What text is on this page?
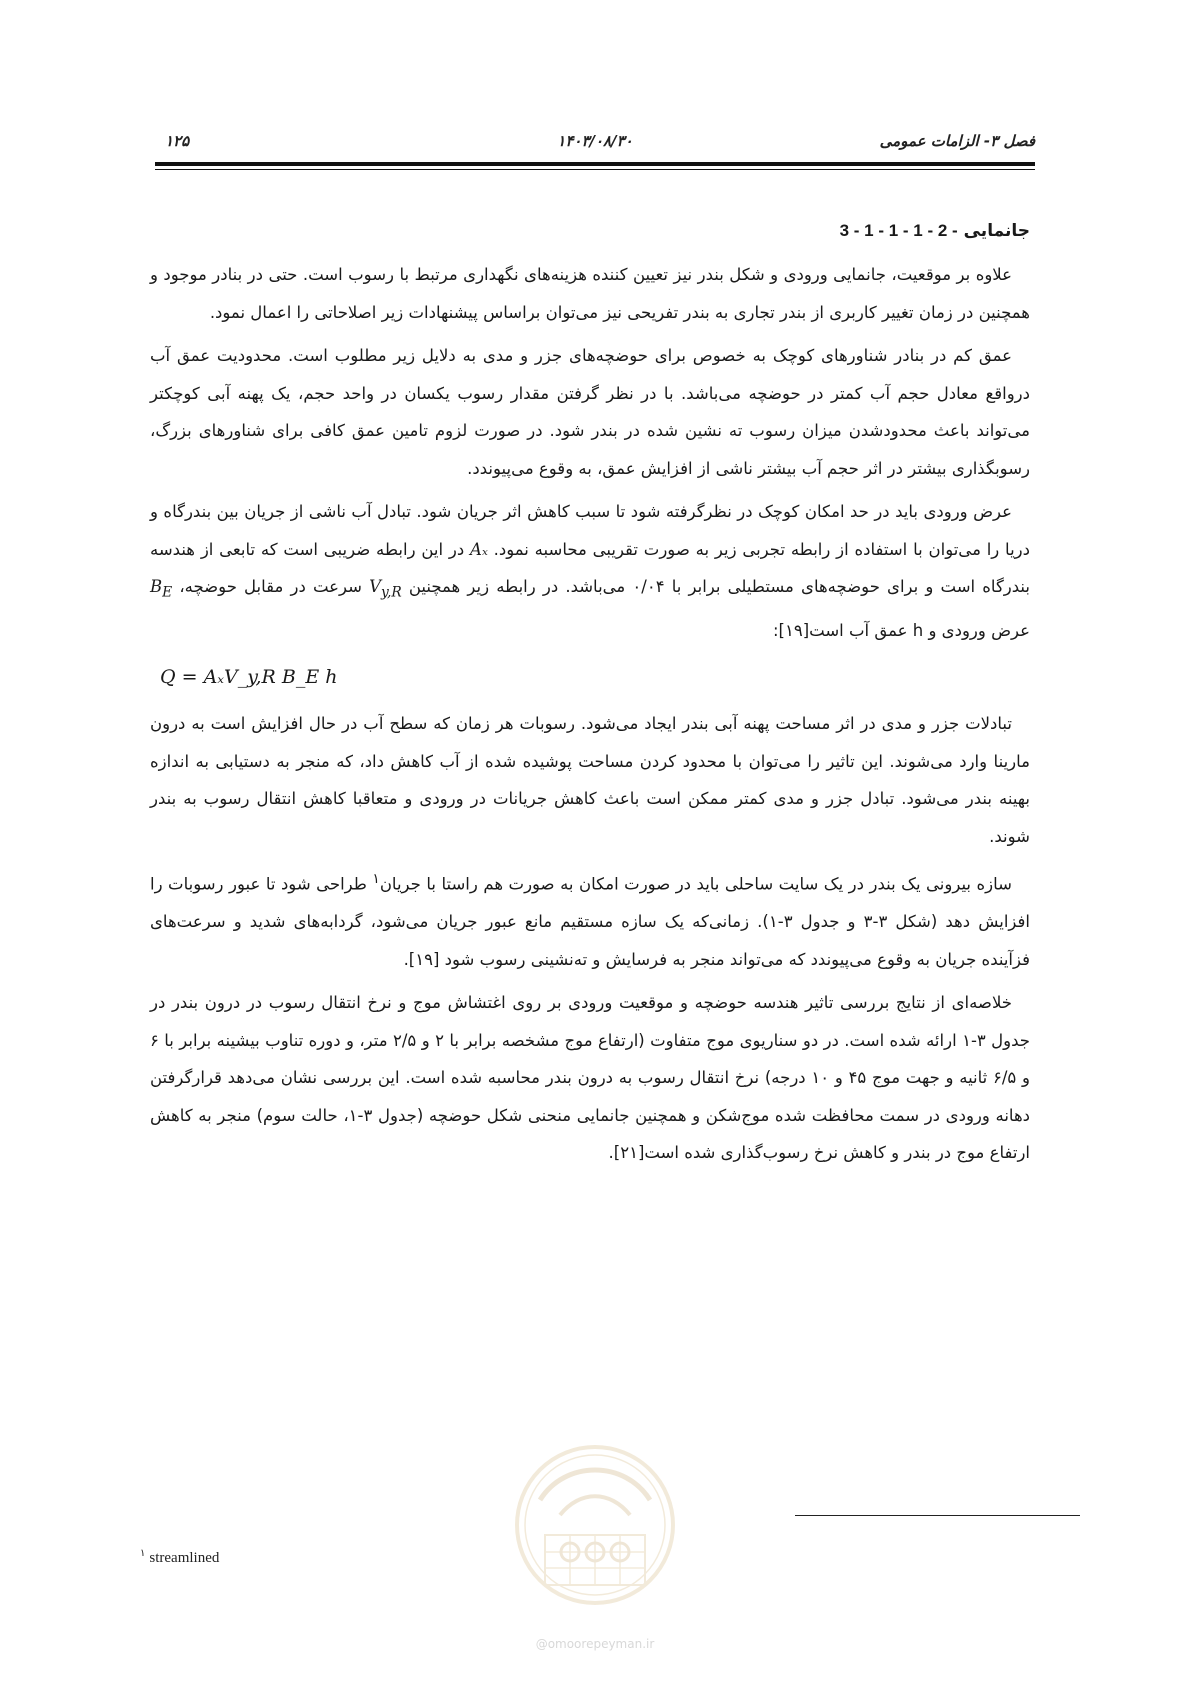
فصل ۳- الزامات عمومی
۱۴۰۳/۰۸/۳۰
۱۲۵
3 - 1 - 1 - 1 - 2 - جانمایی

علاوه بر موقعیت، جانمایی ورودی و شکل بندر نیز تعیین کننده هزینه‌های نگهداری مرتبط با رسوب است. حتی در بنادر موجود و همچنین در زمان تغییر کاربری از بندر تجاری به بندر تفریحی نیز می‌توان براساس پیشنهادات زیر اصلاحاتی را اعمال نمود.

عمق کم در بنادر شناورهای کوچک به خصوص برای حوضچه‌های جزر و مدی به دلایل زیر مطلوب است. محدودیت عمق آب درواقع معادل حجم آب کمتر در حوضچه می‌باشد. با در نظر گرفتن مقدار رسوب یکسان در واحد حجم، یک پهنه آبی کوچکتر می‌تواند باعث محدودشدن میزان رسوب ته نشین شده در بندر شود. در صورت لزوم تامین عمق کافی برای شناورهای بزرگ، رسوبگذاری بیشتر در اثر حجم آب بیشتر ناشی از افزایش عمق، به وقوع می‌پیوندد.

عرض ورودی باید در حد امکان کوچک در نظرگرفته شود تا سبب کاهش اثر جریان شود. تبادل آب ناشی از جریان بین بندرگاه و دریا را می‌توان با استفاده از رابطه تجربی زیر به صورت تقریبی محاسبه نمود. Aₓ در این رابطه ضریبی است که تابعی از هندسه بندرگاه است و برای حوضچه‌های مستطیلی برابر با ۰/۰۴ می‌باشد. در رابطه زیر همچنین $V_{y,R}$ سرعت در مقابل حوضچه، $B_E$ عرض ورودی و h عمق آب است[۱۹]:

Q = AₓV_y,R B_E h

تبادلات جزر و مدی در اثر مساحت پهنه آبی بندر ایجاد می‌شود. رسوبات هر زمان که سطح آب در حال افزایش است به درون مارینا وارد می‌شوند. این تاثیر را می‌توان با محدود کردن مساحت پوشیده شده از آب کاهش داد، که منجر به دستیابی به اندازه بهینه بندر می‌شود. تبادل جزر و مدی کمتر ممکن است باعث کاهش جریانات در ورودی و متعاقبا کاهش انتقال رسوب به بندر شوند.

سازه بیرونی یک بندر در یک سایت ساحلی باید در صورت امکان به صورت هم راستا با جریان$^۱$ طراحی شود تا عبور رسوبات را افزایش دهد (شکل ۳-۳ و جدول ۳-۱). زمانی‌که یک سازه مستقیم مانع عبور جریان می‌شود، گردابه‌های شدید و سرعت‌های فزآینده جریان به وقوع می‌پیوندد که می‌تواند منجر به فرسایش و ته‌نشینی رسوب شود [۱۹].

خلاصه‌ای از نتایج بررسی تاثیر هندسه حوضچه و موقعیت ورودی بر روی اغتشاش موج و نرخ انتقال رسوب در درون بندر در جدول ۳-۱ ارائه شده است. در دو سناریوی موج متفاوت (ارتفاع موج مشخصه برابر با ۲ و ۲/۵ متر، و دوره تناوب بیشینه برابر با ۶ و ۶/۵ ثانیه و جهت موج ۴۵ و ۱۰ درجه) نرخ انتقال رسوب به درون بندر محاسبه شده است. این بررسی نشان می‌دهد قرارگرفتن دهانه ورودی در سمت محافظت شده موج‌شکن و همچنین جانمایی منحنی شکل حوضچه (جدول ۳-۱، حالت سوم) منجر به کاهش ارتفاع موج در بندر و کاهش نرخ رسوب‌گذاری شده است[۲۱].

$^۱$ streamlined
@omoorepeyman.ir
